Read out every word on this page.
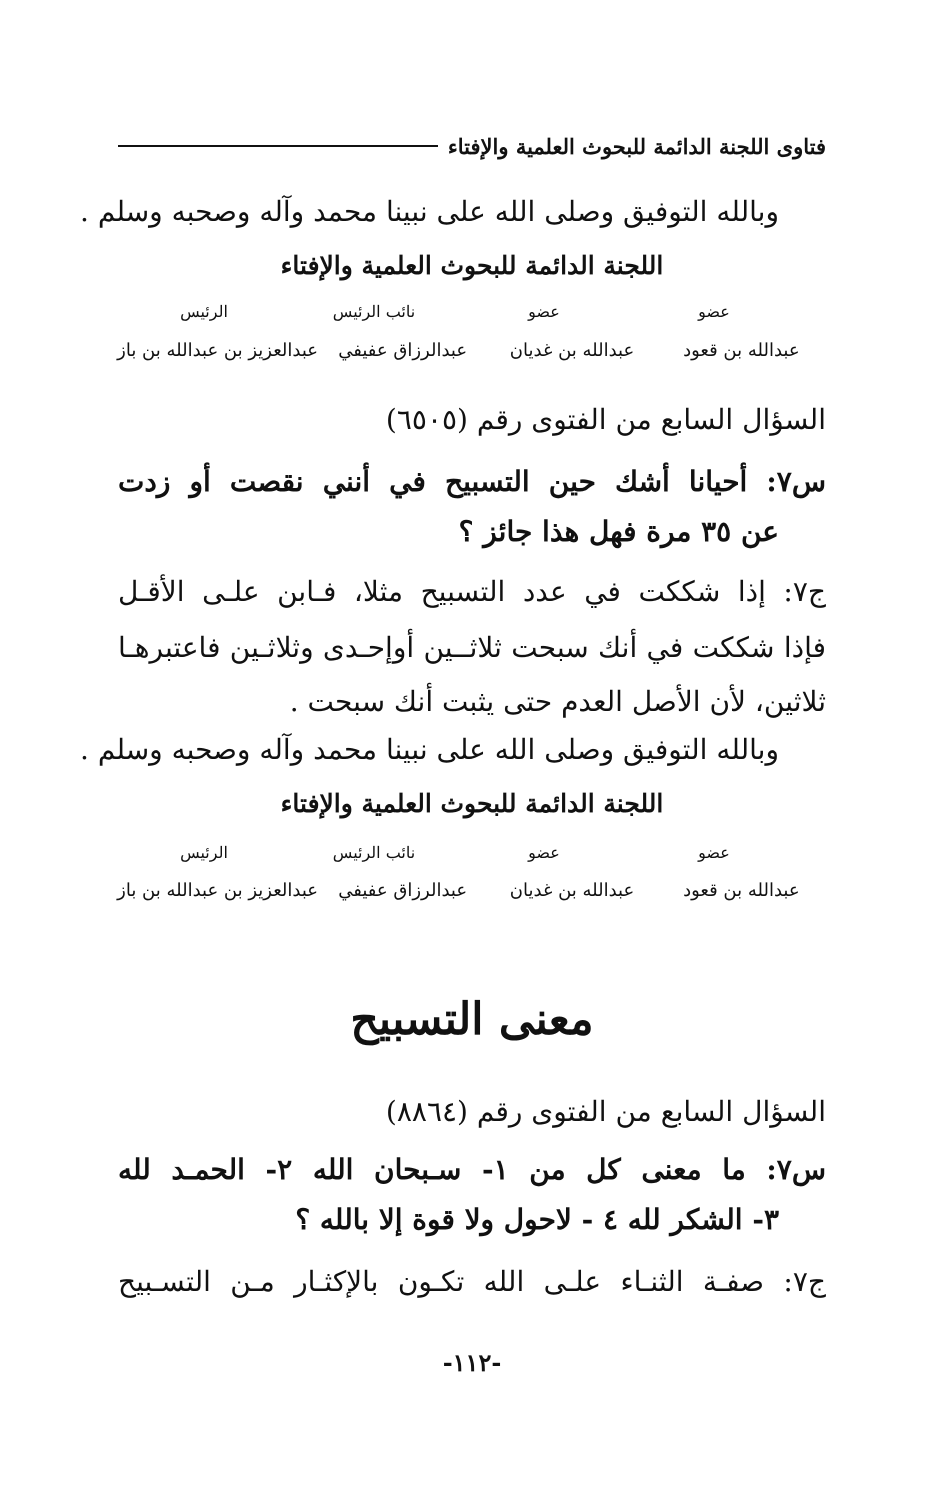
فتاوى اللجنة الدائمة للبحوث العلمية والإفتاء
وبالله التوفيق وصلى الله على نبينا محمد وآله وصحبه وسلم .
اللجنة الدائمة للبحوث العلمية والإفتاء
عضو
عضو
نائب الرئيس
الرئيس
عبدالله بن قعود
عبدالله بن غديان
عبدالرزاق عفيفي
عبدالعزيز بن عبدالله بن باز
السؤال السابع من الفتوى رقم (٦٥٠٥)
س٧: أحيانا أشك حين التسبيح في أنني نقصت أو زدت
عن ٣٥ مرة فهل هذا جائز ؟
ج٧: إذا شككت في عدد التسبيح مثلا، فـابن علـى الأقـل
فإذا شككت في أنك سبحت ثلاثــين أوإحـدى وثلاثـين فاعتبرهـا
ثلاثين، لأن الأصل العدم حتى يثبت أنك سبحت .
وبالله التوفيق وصلى الله على نبينا محمد وآله وصحبه وسلم .
اللجنة الدائمة للبحوث العلمية والإفتاء
عضو
عضو
نائب الرئيس
الرئيس
عبدالله بن قعود
عبدالله بن غديان
عبدالرزاق عفيفي
عبدالعزيز بن عبدالله بن باز
معنى التسبيح
السؤال السابع من الفتوى رقم (٨٨٦٤)
س٧: ما معنى كل من ١- سـبحان الله ٢- الحمـد لله
٣- الشكر لله ٤ - لاحول ولا قوة إلا بالله ؟
ج٧: صفـة الثنـاء علـى الله تكـون بالإكثـار مـن التسـبيح
-١١٢-
